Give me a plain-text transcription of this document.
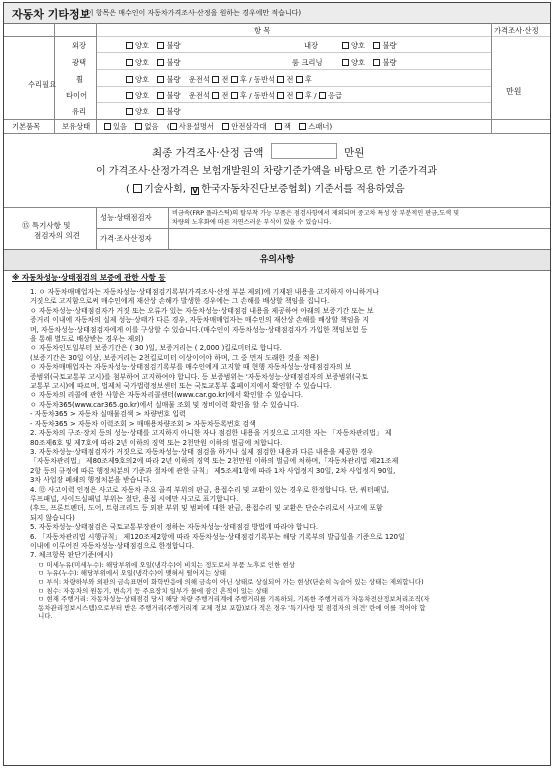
자동차 기타정보
(이 항목은 매수인이 자동차가격조사·산정을 원하는 경우에만 적습니다)
항 목	가격조사·산정
수리필요
만원
외장	양호 불량	내장	양호 불량
광택	양호 불량	룸 크리닝	양호 불량
휠	양호 불량 운전석 전 후 / 동반석 전 후
타이어	양호 불량 운전석 전 후 / 동반석 전 후 / 응급
유리	양호 불량
기본품목	보유상태	있음 없음 ( 사용설명서 안전삼각대 잭 스패너)
최종 가격조사·산정 금액	만원
이 가격조사·산정가격은 보험개발원의 차량기준가액을 바탕으로 한 기준가격과
( 기술사회, V 한국자동차진단보증협회) 기준서를 적용하였음
⑮ 특기사항 및
점검자의 의견
성능·상태점검자	비금속(FRP 플라스틱)의 탈부착 가능 부품은 점검사항에서 제외되며 중고차 특성 상 부분적인 판금,도색 및
차량의 노후화에 따른 자연스러운 부식이 있을 수 있습니다.
가격·조사산정자
유의사항
※ 자동차성능·상태점검의 보증에 관한 사항 등
1. ㅇ 자동차매매업자는 자동차성능·상태점검기록부(가격조사·산정 부분 제외)에 기재된 내용을 고지하지 아니하거나
거짓으로 고지함으로써 매수인에게 재산상 손해가 발생한 경우에는 그 손해를 배상할 책임을 집니다.
ㅇ 자동차성능·상태점검자가 거짓 또는 오류가 있는 자동차성능·상태점검 내용을 제공하여 아래의 보증기간 또는 보
증거리 이내에 자동차의 실제 성능·상태가 다른 경우, 자동차매매업자는 매수인의 재산상 손해를 배상할 책임을 지
며, 자동차성능·상태점검자에게 이를 구상할 수 있습니다.(매수인이 자동차성능·상태점검자가 가입한 책임보험 등
을 통해 별도로 배상받는 경우는 제외)
ㅇ 자동차인도일부터 보증기간은 ( 30 )일, 보증거리는 ( 2,000 )킬로미터로 합니다.
(보증기간은 30일 이상, 보증거리는 2천킬로미터 이상이어야 하며, 그 중 먼저 도래한 것을 적용)
ㅇ 자동차매매업자는 자동차성능·상태점검기록부를 매수인에게 고지할 때 현행 자동차성능·상태점검자의 보
증범위(국토교통부 고시)를 첨부하여 고지하여야 합니다. 등 보증범위는 '자동차성능·상태점검자의 보증범위(국토
교통부 고시)에 따르며, 법제처 국가법령정보센터 또는 국토교통부 홈페이지에서 확인할 수 있습니다.
ㅇ 자동차의 리콜에 관한 사항은 자동차리콜센터(www.car.go.kr)에서 확인할 수 있습니다.
ㅇ 자동차365(www.car365.go.kr)에서 실매물 조회 및 정비이력 확인을 할 수 있습니다.
- 자동차365 > 자동차 실매물검색 > 차량번호 입력
- 자동차365 > 자동차 이력조회 > 매매용차량조회 > 자동차등록번호 검색
2. 자동차의 구조·장치 등의 성능·상태를 고지하지 아니한 자나 점검한 내용을 거짓으로 고지한 자는 「자동차관리법」 제
80조제6호 및 제7호에 따라 2년 이하의 징역 또는 2천만원 이하의 벌금에 처합니다.
3. 자동차성능·상태점검자가 거짓으로 자동차성능·상태 점검을 하거나 실제 점검한 내용과 다른 내용을 제공한 경우
「자동차관리법」 제80조제9호의2에 따라 2년 이하의 징역 또는 2천만원 이하의 벌금에 처하며,「자동차관리법 제21조제
2항 등의 규정에 따른 행정처분의 기준과 절차에 관한 규칙」 제5조제1항에 따라 1차 사업정지 30일, 2차 사업정지 90일,
3차 사업장 폐쇄의 행정처분을 받습니다.
4. ⑫ 사고이력 인정은 사고로 자동차 주요 골격 부위의 판금, 용접수리 및 교환이 있는 경우로 한정합니다. 단, 쿼터패널,
루프패널, 사이드실패널 부위는 절단, 용접 시에만 사고로 표기합니다.
(후드, 프론트펜더, 도어, 트렁크리드 등 외판 부위 및 범퍼에 대한 판금, 용접수리 및 교환은 단순수리로서 사고에 포함
되지 않습니다)
5. 자동차성능·상태점검은 국토교통부장관이 정하는 자동차성능·상태점검 방법에 따라야 합니다.
6. 「자동차관리법 시행규칙」 제120조제2항에 따라 자동차성능·상태점검기록부는 해당 기록부의 발급일을 기준으로 120일
이내에 이루어진 자동차성능·상태점검으로 한정합니다.
7. 체크항목 판단기준(예시)
ㅁ 미세누유(미세누수): 해당부위에 오일(냉각수)이 비치는 정도로서 부품 노후로 인한 현상
ㅁ 누유(누수): 해당부위에서 오일(냉각수)이 맺혀서 떨어지는 상태
ㅁ 부식: 차량하부와 외판의 금속표면이 화학반응에 의해 금속이 아닌 상태로 상실되어 가는 현상(단순히 녹슬어 있는 상태는 제외합니다)
ㅁ 침수: 자동차의 원동기, 변속기 등 주요장치 일부가 물에 잠긴 흔적이 있는 상태
ㅁ 현재 주행거리: 자동차성능·상태점검 당시 해당 차량 주행거리계에 주행거리를 기록하되, 기록한 주행거리가 자동차전산정보처리조직(자
동차관리정보시스템)으로부터 받은 주행거리(주행거리계 교체 정보 포함)보다 적은 경우 '특기사항 및 점검자의 의견' 란에 이를 적어야 합
니다.
